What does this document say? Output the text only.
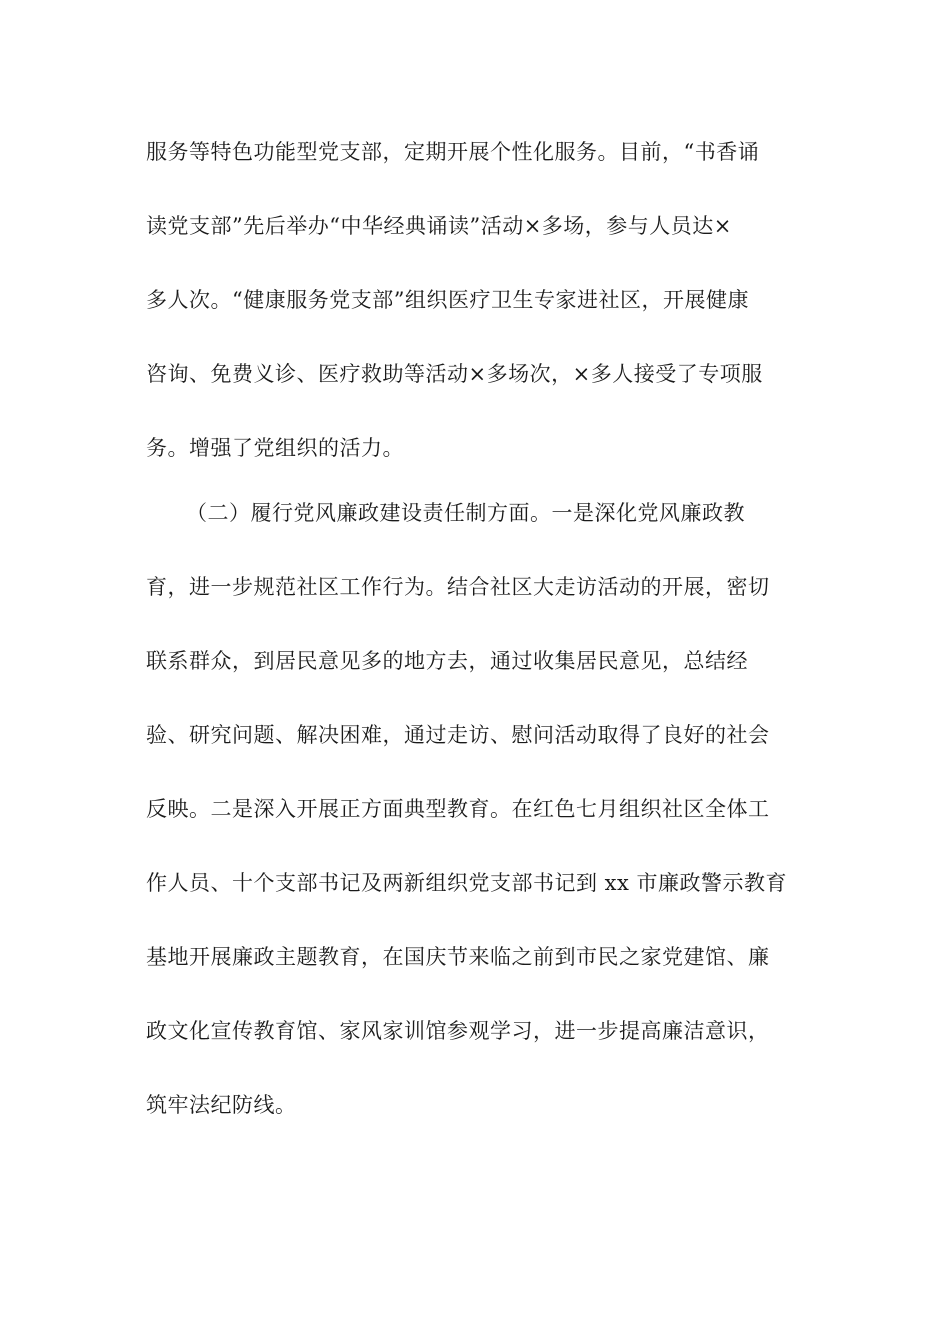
服务等特色功能型党支部，定期开展个性化服务。目前，“书香诵
读党支部”先后举办“中华经典诵读”活动×多场，参与人员达×
多人次。“健康服务党支部”组织医疗卫生专家进社区，开展健康
咨询、免费义诊、医疗救助等活动×多场次，×多人接受了专项服
务。增强了党组织的活力。
（二）履行党风廉政建设责任制方面。一是深化党风廉政教
育，进一步规范社区工作行为。结合社区大走访活动的开展，密切
联系群众，到居民意见多的地方去，通过收集居民意见，总结经
验、研究问题、解决困难，通过走访、慰问活动取得了良好的社会
反映。二是深入开展正方面典型教育。在红色七月组织社区全体工
作人员、十个支部书记及两新组织党支部书记到 xx 市廉政警示教育
基地开展廉政主题教育，在国庆节来临之前到市民之家党建馆、廉
政文化宣传教育馆、家风家训馆参观学习，进一步提高廉洁意识，
筑牢法纪防线。
